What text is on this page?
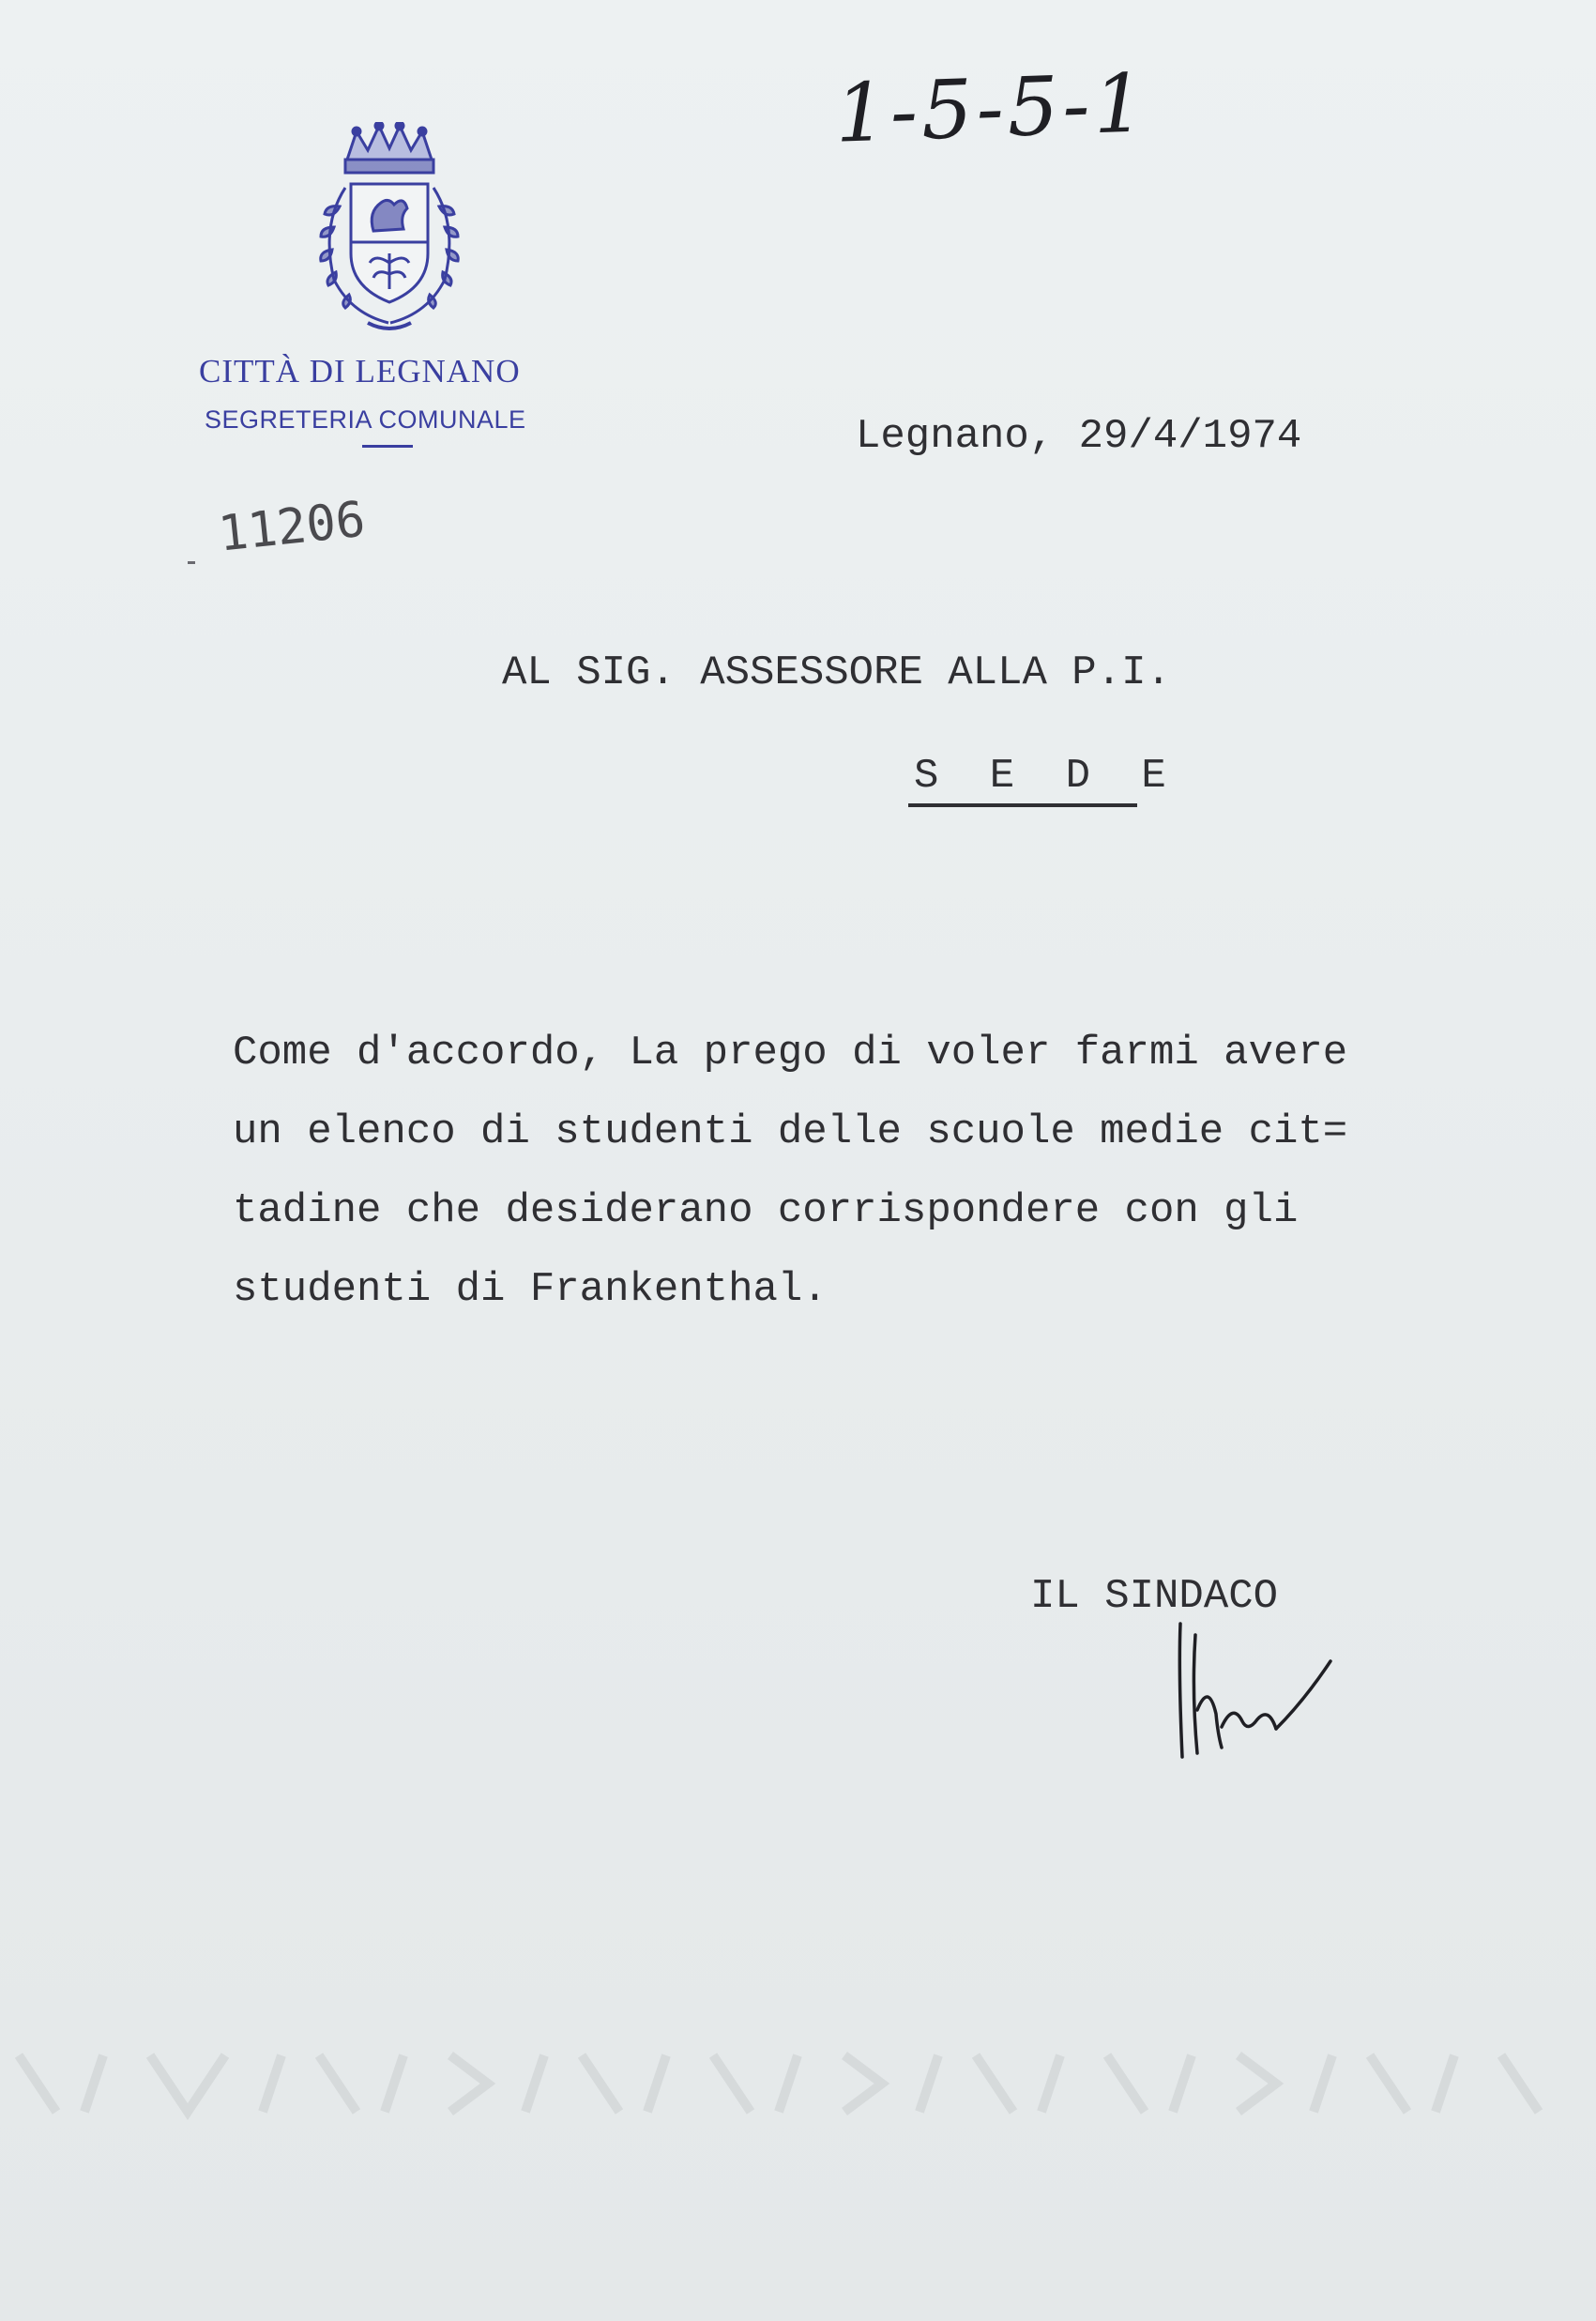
1-5-5-1
CITTÀ DI LEGNANO
SEGRETERIA COMUNALE
11206
Legnano, 29/4/1974
AL SIG. ASSESSORE ALLA P.I.
S E D E
Come d'accordo, La prego di voler farmi avere
un elenco di studenti delle scuole medie cit=
tadine che desiderano corrispondere con gli
studenti di Frankenthal.
IL SINDACO
